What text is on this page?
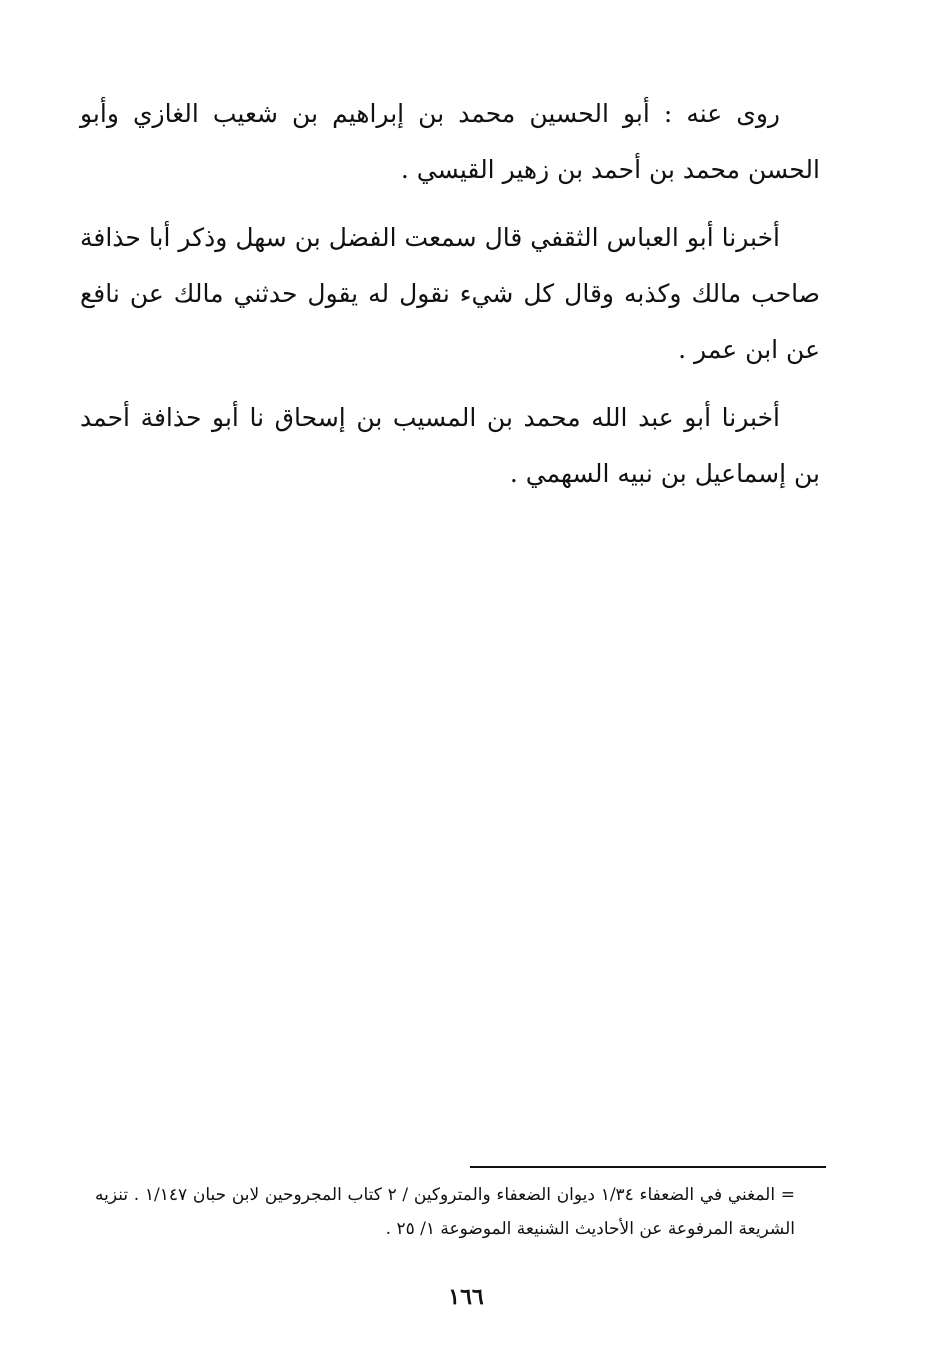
روى عنه : أبو الحسين محمد بن إبراهيم بن شعيب الغازي وأبو الحسن محمد بن أحمد بن زهير القيسي .

أخبرنا أبو العباس الثقفي قال سمعت الفضل بن سهل وذكر أبا حذافة صاحب مالك وكذبه وقال كل شيء نقول له يقول حدثني مالك عن نافع عن ابن عمر .

أخبرنا أبو عبد الله محمد بن المسيب بن إسحاق نا أبو حذافة أحمد بن إسماعيل بن نبيه السهمي .

= المغني في الضعفاء ١/٣٤ ديوان الضعفاء والمتروكين / ٢ كتاب المجروحين لابن حبان ١/١٤٧ . تنزيه الشريعة المرفوعة عن الأحاديث الشنيعة الموضوعة ١/ ٢٥ .

١٦٦
